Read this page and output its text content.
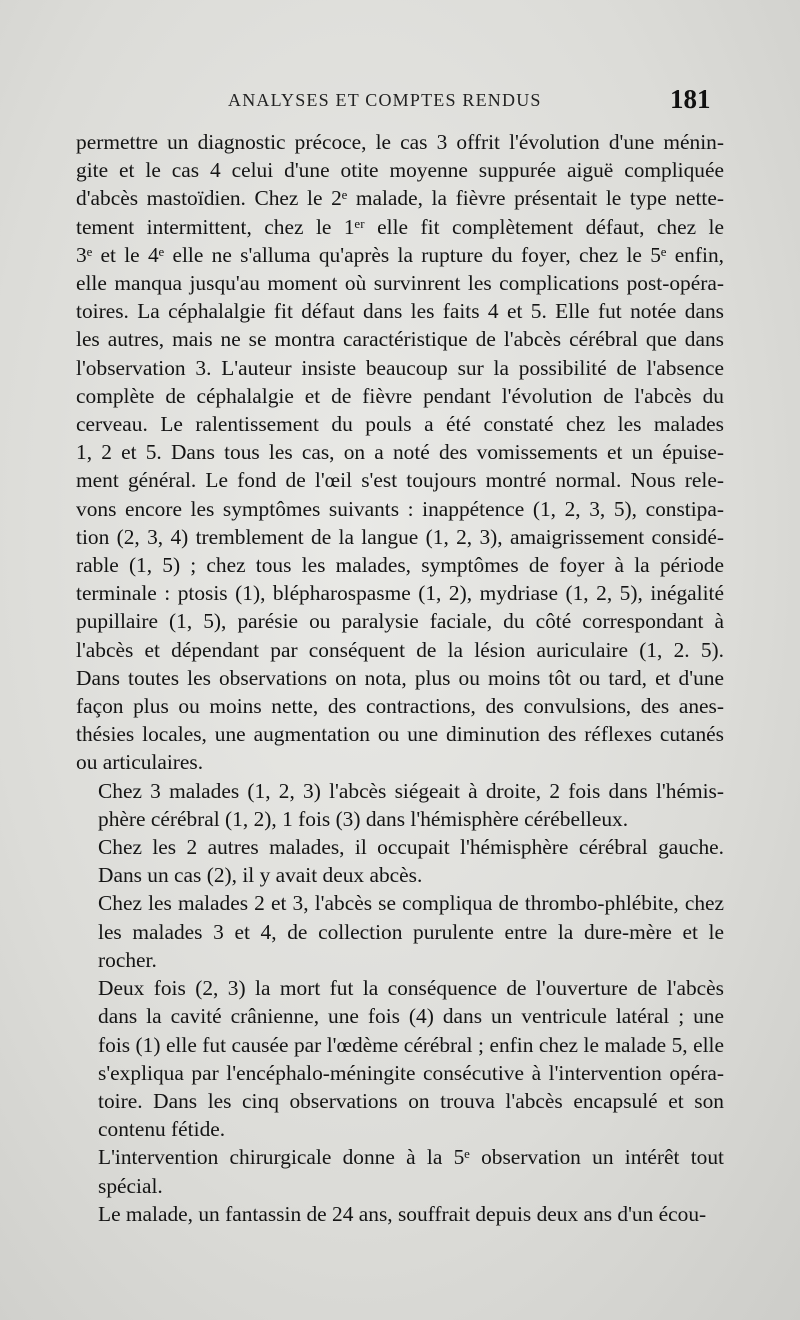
ANALYSES ET COMPTES RENDUS	181

permettre un diagnostic précoce, le cas 3 offrit l'évolution d'une ménin-
gite et le cas 4 celui d'une otite moyenne suppurée aiguë compliquée
d'abcès mastoïdien. Chez le 2ᵉ malade, la fièvre présentait le type nette-
tement intermittent, chez le 1ᵉʳ elle fit complètement défaut, chez le
3ᵉ et le 4ᵉ elle ne s'alluma qu'après la rupture du foyer, chez le 5ᵉ enfin,
elle manqua jusqu'au moment où survinrent les complications post-opéra-
toires. La céphalalgie fit défaut dans les faits 4 et 5. Elle fut notée dans
les autres, mais ne se montra caractéristique de l'abcès cérébral que dans
l'observation 3. L'auteur insiste beaucoup sur la possibilité de l'absence
complète de céphalalgie et de fièvre pendant l'évolution de l'abcès du
cerveau. Le ralentissement du pouls a été constaté chez les malades
1, 2 et 5. Dans tous les cas, on a noté des vomissements et un épuise-
ment général. Le fond de l'œil s'est toujours montré normal. Nous rele-
vons encore les symptômes suivants : inappétence (1, 2, 3, 5), constipa-
tion (2, 3, 4) tremblement de la langue (1, 2, 3), amaigrissement considé-
rable (1, 5) ; chez tous les malades, symptômes de foyer à la période
terminale : ptosis (1), blépharospasme (1, 2), mydriase (1, 2, 5), inégalité
pupillaire (1, 5), parésie ou paralysie faciale, du côté correspondant à
l'abcès et dépendant par conséquent de la lésion auriculaire (1, 2. 5).
Dans toutes les observations on nota, plus ou moins tôt ou tard, et d'une
façon plus ou moins nette, des contractions, des convulsions, des anes-
thésies locales, une augmentation ou une diminution des réflexes cutanés
ou articulaires.

Chez 3 malades (1, 2, 3) l'abcès siégeait à droite, 2 fois dans l'hémis-
phère cérébral (1, 2), 1 fois (3) dans l'hémisphère cérébelleux.

Chez les 2 autres malades, il occupait l'hémisphère cérébral gauche.
Dans un cas (2), il y avait deux abcès.

Chez les malades 2 et 3, l'abcès se compliqua de thrombo-phlébite, chez
les malades 3 et 4, de collection purulente entre la dure-mère et le
rocher.

Deux fois (2, 3) la mort fut la conséquence de l'ouverture de l'abcès
dans la cavité crânienne, une fois (4) dans un ventricule latéral ; une
fois (1) elle fut causée par l'œdème cérébral ; enfin chez le malade 5, elle
s'expliqua par l'encéphalo-méningite consécutive à l'intervention opéra-
toire. Dans les cinq observations on trouva l'abcès encapsulé et son
contenu fétide.

L'intervention chirurgicale donne à la 5ᵉ observation un intérêt tout
spécial.

Le malade, un fantassin de 24 ans, souffrait depuis deux ans d'un écou-
